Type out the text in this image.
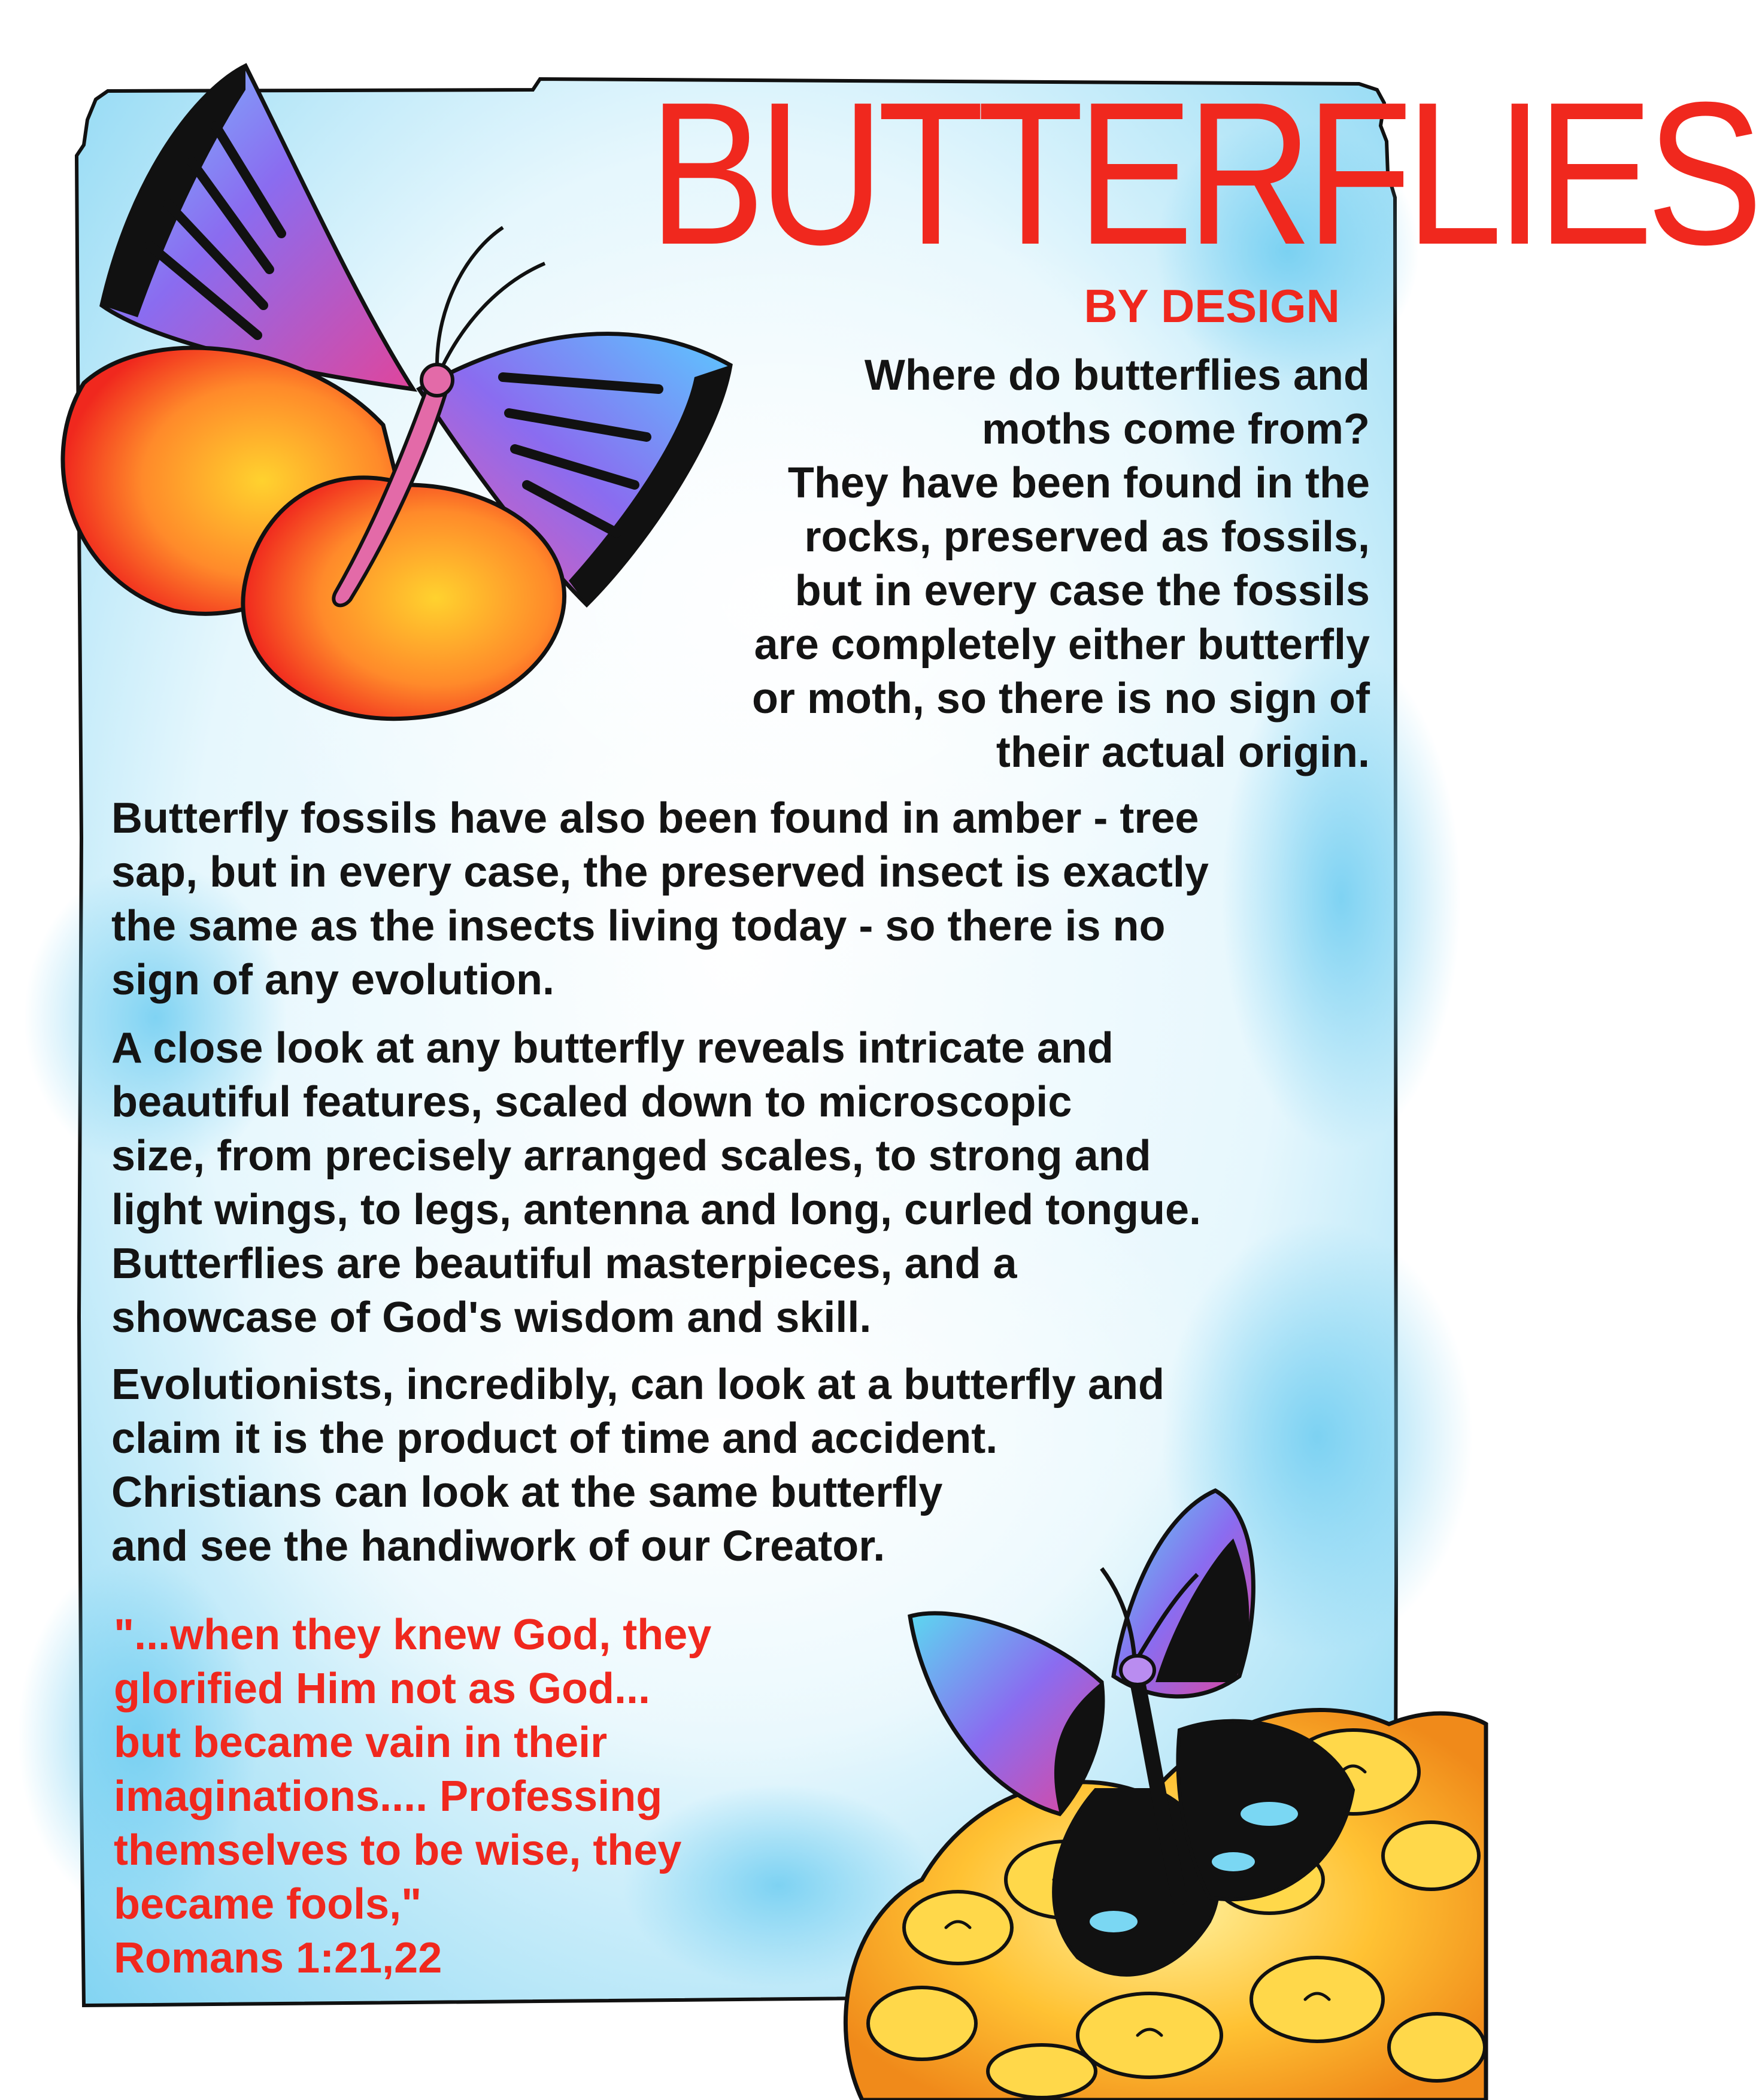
BUTTERFLIES
BY DESIGN
Where do butterflies and
moths come from?
They have been found in the
rocks, preserved as fossils,
but in every case the fossils
are completely either butterfly
or moth, so there is no sign of
their actual origin.
Butterfly fossils have also been found in amber - tree
sap, but in every case, the preserved insect is exactly
the same as the insects living today - so there is no
sign of any evolution.
A close look at any butterfly reveals intricate and
beautiful features, scaled down to microscopic
size, from precisely arranged scales, to strong and
light wings, to legs, antenna and long, curled tongue.
Butterflies are beautiful masterpieces, and a
showcase of God's wisdom and skill.
Evolutionists, incredibly, can look at a butterfly and
claim it is the product of time and accident.
Christians can look at the same butterfly
and see the handiwork of our Creator.
"...when they knew God, they
glorified Him not as God...
but became vain in their
imaginations.... Professing
themselves to be wise, they
became fools,"
Romans 1:21,22
